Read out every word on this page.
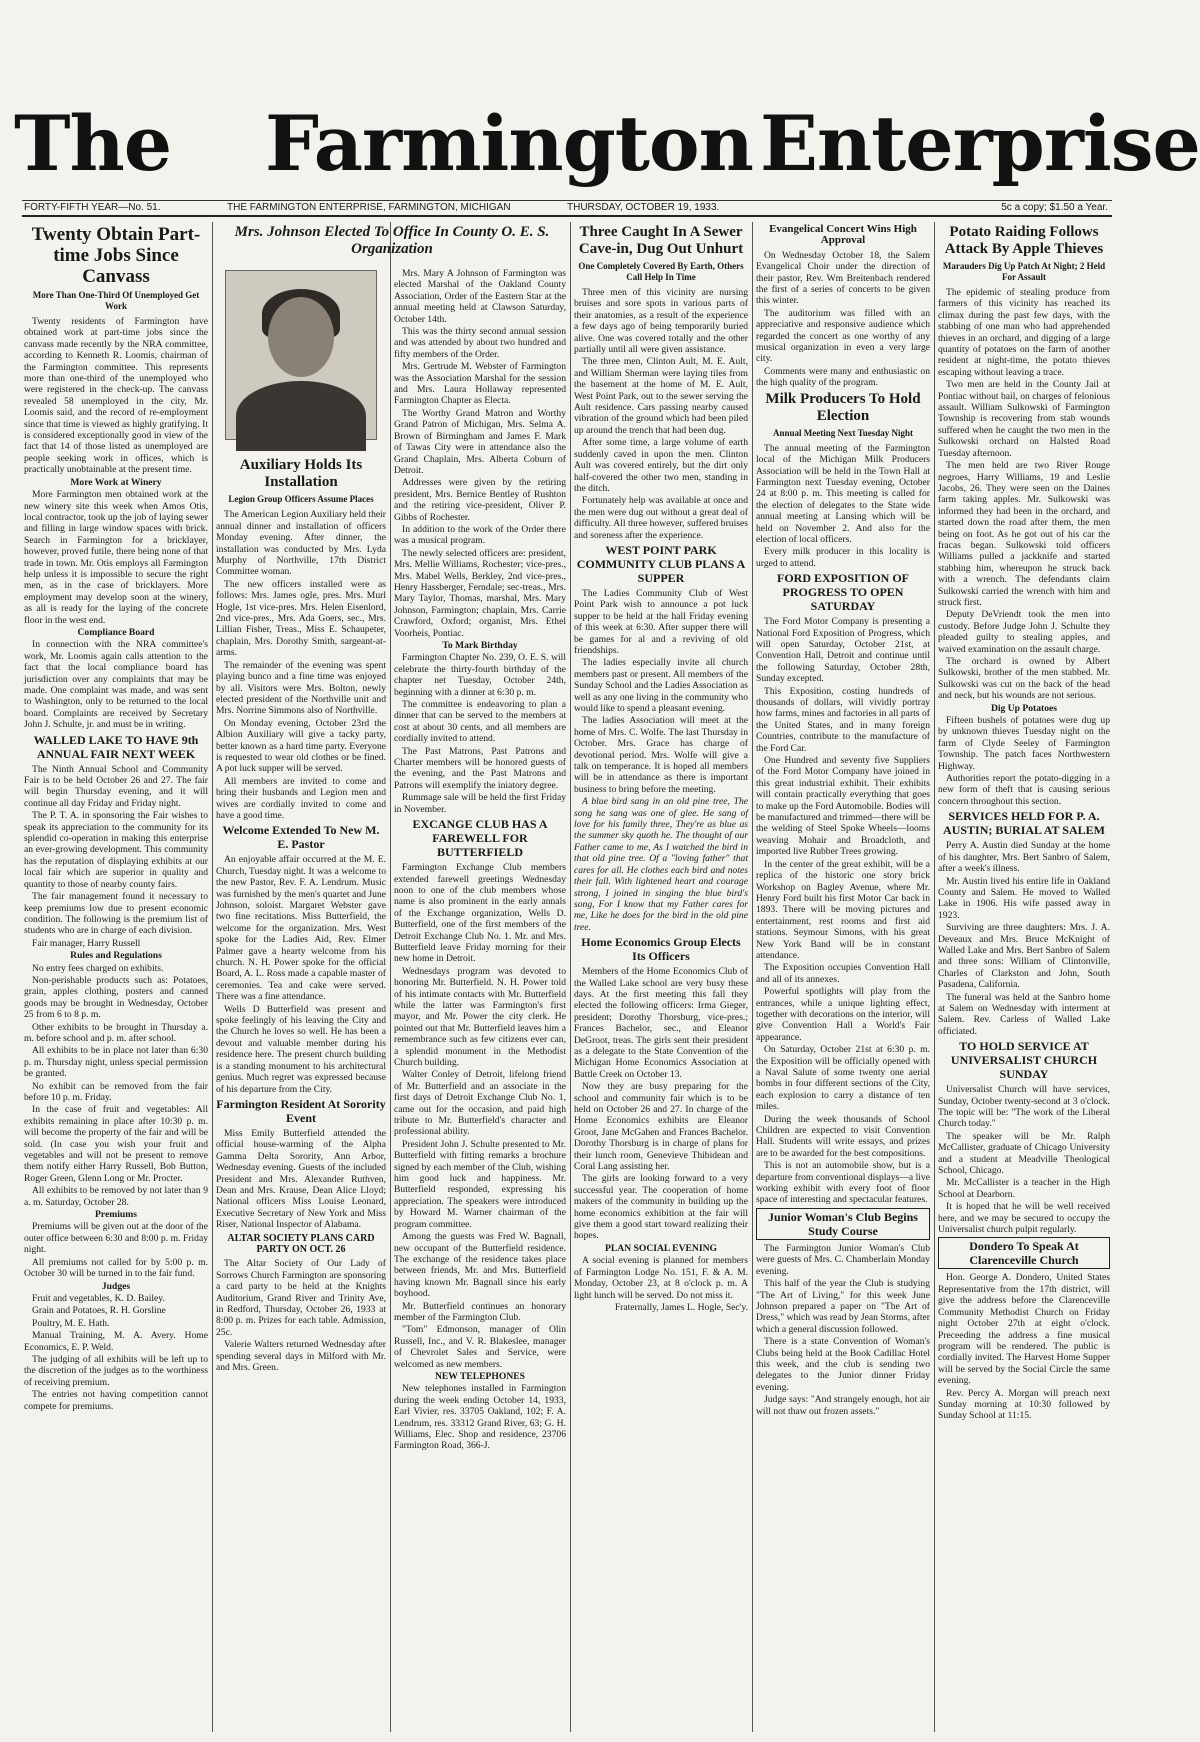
The Farmington Enterprise
FORTY-FIFTH YEAR—No. 51.	THE FARMINGTON ENTERPRISE, FARMINGTON, MICHIGAN	THURSDAY, OCTOBER 19, 1933.	5c a copy; $1.50 a Year.
Twenty Obtain Part-time Jobs Since Canvass
More Than One-Third Of Unemployed Get Work

Twenty residents of Farmington have obtained work at part-time jobs since the canvass made recently by the NRA committee, according to Kenneth R. Loomis, chairman of the Farmington committee. This represents more than one-third of the unemployed who were registered in the check-up. The canvass revealed 58 unemployed in the city, Mr. Loomis said, and the record of re-employment since that time is viewed as highly gratifying. It is considered exceptionally good in view of the fact that 14 of those listed as unemployed are people seeking work in offices, which is practically unobtainable at the present time.

More Work at Winery

More Farmington men obtained work at the new winery site this week when Amos Otis, local contractor, took up the job of laying sewer and filling in large window spaces with brick. Search in Farmington for a bricklayer, however, proved futile, there being none of that trade in town. Mr. Otis employs all Farmington help unless it is impossible to secure the right men, as in the case of bricklayers. More employment may develop soon at the winery, as all is ready for the laying of the concrete floor in the west end.

Compliance Board

In connection with the NRA committee's work, Mr. Loomis again calls attention to the fact that the local compliance board has jurisdiction over any complaints that may be made. One complaint was made, and was sent to Washington, only to be returned to the local board. Complaints are received by Secretary John J. Schulte, jr. and must be in writing.

WALLED LAKE TO HAVE 9th ANNUAL FAIR NEXT WEEK

The Ninth Annual School and Community Fair is to be held October 26 and 27. The fair will begin Thursday evening, and it will continue all day Friday and Friday night.

The P. T. A. in sponsoring the Fair wishes to speak its appreciation to the community for its splendid co-operation in making this enterprise an ever-growing development. This community has the reputation of displaying exhibits at our local fair which are superior in quality and quantity to those of nearby county fairs.

The fair management found it necessary to keep premiums low due to present economic condition. The following is the premium list of students who are in charge of each division.

Fair manager, Harry Russell

Rules and Regulations

No entry fees charged on exhibits.

Non-perishable products such as: Potatoes, grain, apples clothing, posters and canned goods may be brought in Wednesday, October 25 from 6 to 8 p. m.

Other exhibits to be brought in Thursday a. m. before school and p. m. after school.

All exhibits to be in place not later than 6:30 p. m. Thursday night, unless special permission be granted.

No exhibit can be removed from the fair before 10 p. m. Friday.

In the case of fruit and vegetables: All exhibits remaining in place after 10:30 p. m. will become the property of the fair and will be sold. (In case you wish your fruit and vegetables and will not be present to remove them notify either Harry Russell, Bob Button, Roger Green, Glenn Long or Mr. Procter.

All exhibits to be removed by not later than 9 a. m. Saturday, October 28.

Premiums

Premiums will be given out at the door of the outer office between 6:30 and 8:00 p. m. Friday night.

All premiums not called for by 5:00 p. m. October 30 will be turned in to the fair fund.

Judges

Fruit and vegetables, K. D. Bailey.

Grain and Potatoes, R. H. Gorsline

Poultry, M. E. Hath.

Manual Training, M. A. Avery. Home Economics, E. P. Weld.

The judging of all exhibits will be left up to the discretion of the judges as to the worthiness of receiving premium.

The entries not having competition cannot compete for premiums.

Mrs. Johnson Elected To Office In County O. E. S. Organization
Auxiliary Holds Its Installation
Legion Group Officers Assume Places

The American Legion Auxiliary held their annual dinner and installation of officers Monday evening. After dinner, the installation was conducted by Mrs. Lyda Murphy of Northville, 17th District Committee woman.

The new officers installed were as follows: Mrs. James ogle, pres. Mrs. Murl Hogle, 1st vice-pres. Mrs. Helen Eisenlord, 2nd vice-pres., Mrs. Ada Goers, sec., Mrs. Lillian Fisher, Treas., Miss E. Schaupeter, chaplain, Mrs. Dorothy Smith, sargeant-at-arms.

The remainder of the evening was spent playing bunco and a fine time was enjoyed by all. Visitors were Mrs. Bolton, newly elected president of the Northville unit and Mrs. Norrine Simmons also of Northville.

On Monday evening, October 23rd the Albion Auxiliary will give a tacky party, better known as a hard time party. Everyone is requested to wear old clothes or be fined. A pot luck supper will be served.

All members are invited to come and bring their husbands and Legion men and wives are cordially invited to come and have a good time.

Welcome Extended To New M. E. Pastor

An enjoyable affair occurred at the M. E. Church, Tuesday night. It was a welcome to the new Pastor, Rev. F. A. Lendrum. Music was furnished by the men's quartet and June Johnson, soloist. Margaret Webster gave two fine recitations. Miss Butterfield, the welcome for the organization. Mrs. West spoke for the Ladies Aid, Rev. Elmer Palmer gave a hearty welcome from his church. N. H. Power spoke for the official Board, A. L. Ross made a capable master of ceremonies. Tea and cake were served. There was a fine attendance.

Wells D Butterfield was present and spoke feelingly of his leaving the City and the Church he loves so well. He has been a devout and valuable member during his residence here. The present church building is a standing monument to his architectural genius. Much regret was expressed because of his departure from the City.

Farmington Resident At Sorority Event

Miss Emily Butterfield attended the official house-warming of the Alpha Gamma Delta Sorority, Ann Arbor, Wednesday evening. Guests of the included President and Mrs. Alexander Ruthven, Dean and Mrs. Krause, Dean Alice Lloyd; National officers Miss Louise Leonard, Executive Secretary of New York and Miss Riser, National Inspector of Alabama.

ALTAR SOCIETY PLANS CARD PARTY ON OCT. 26

The Altar Society of Our Lady of Sorrows Church Farmington are sponsoring a card party to be held at the Knights Auditorium, Grand River and Trinity Ave, in Redford, Thursday, October 26, 1933 at 8:00 p. m. Prizes for each table. Admission, 25c.

Valerie Walters returned Wednesday after spending several days in Milford with Mr. and Mrs. Green.

Mrs. Mary A Johnson of Farmington was elected Marshal of the Oakland County Association, Order of the Eastern Star at the annual meeting held at Clawson Saturday, October 14th.

This was the thirty second annual session and was attended by about two hundred and fifty members of the Order.

Mrs. Gertrude M. Webster of Farmington was the Association Marshal for the session and Mrs. Laura Hollaway represented Farmington Chapter as Electa.

The Worthy Grand Matron and Worthy Grand Patron of Michigan, Mrs. Selma A. Brown of Birmingham and James F. Mark of Tawas City were in attendance also the Grand Chaplain, Mrs. Alberta Coburn of Detroit.

Addresses were given by the retiring president, Mrs. Bernice Bentley of Rushton and the retiring vice-president, Oliver P. Gibbs of Rochester.

In addition to the work of the Order there was a musical program.

The newly selected officers are: president, Mrs. Mellie Williams, Rochester; vice-pres., Mrs. Mabel Wells, Berkley, 2nd vice-pres., Henry Hassberger, Ferndale; sec-treas., Mrs. Mary Taylor, Thomas, marshal, Mrs. Mary Johnson, Farmington; chaplain, Mrs. Carrie Crawford, Oxford; organist, Mrs. Ethel Voorheis, Pontiac.

To Mark Birthday

Farmington Chapter No. 239, O. E. S. will celebrate the thirty-fourth birthday of the chapter net Tuesday, October 24th, beginning with a dinner at 6:30 p. m.

The committee is endeavoring to plan a dinner that can be served to the members at cost at about 30 cents, and all members are cordially invited to attend.

The Past Matrons, Past Patrons and Charter members will be honored guests of the evening, and the Past Matrons and Patrons will exemplify the iniatory degree.

Rummage sale will be held the first Friday in November.

EXCANGE CLUB HAS A FAREWELL FOR BUTTERFIELD

Farmington Exchange Club members extended farewell greetings Wednesday noon to one of the club members whose name is also prominent in the early annals of the Exchange organization, Wells D. Butterfield, one of the first members of the Detroit Exchange Club No. 1. Mr. and Mrs. Butterfield leave Friday morning for their new home in Detroit.

Wednesdays program was devoted to honoring Mr. Butterfield. N. H. Power told of his intimate contacts with Mr. Butterfield while the latter was Farmington's first mayor, and Mr. Power the city clerk. He pointed out that Mr. Butterfield leaves him a remembrance such as few citizens ever can, a splendid monument in the Methodist Church building.

Walter Conley of Detroit, lifelong friend of Mr. Butterfield and an associate in the first days of Detroit Exchange Club No. 1, came out for the occasion, and paid high tribute to Mr. Butterfield's character and professional ability.

President John J. Schulte presented to Mr. Butterfield with fitting remarks a brochure signed by each member of the Club, wishing him good luck and happiness. Mr. Butterfield responded, expressing his appreciation. The speakers were introduced by Howard M. Warner chairman of the program committee.

Among the guests was Fred W. Bagnall, new occupant of the Butterfield residence. The exchange of the residence takes place between friends, Mr. and Mrs. Butterfield having known Mr. Bagnall since his early boyhood.

Mr. Butterfield continues an honorary member of the Farmington Club.

"Tom" Edmonson, manager of Olin Russell, Inc., and V. R. Blakeslee, manager of Chevrolet Sales and Service, were welcomed as new members.

NEW TELEPHONES

New telephones installed in Farmington during the week ending October 14, 1933, Earl Vivier, res. 33705 Oakland, 102; F. A. Lendrum, res. 33312 Grand River, 63; G. H. Williams, Elec. Shop and residence, 23706 Farmington Road, 366-J.

Three Caught In A Sewer Cave-in, Dug Out Unhurt
One Completely Covered By Earth, Others Call Help In Time

Three men of this vicinity are nursing bruises and sore spots in various parts of their anatomies, as a result of the experience a few days ago of being temporarily buried alive. One was covered totally and the other partially until all were given assistance.

The three men, Clinton Ault, M. E. Ault, and William Sherman were laying tiles from the basement at the home of M. E. Ault, West Point Park, out to the sewer serving the Ault residence. Cars passing nearby caused vibration of the ground which had been piled up around the trench that had been dug.

After some time, a large volume of earth suddenly caved in upon the men. Clinton Ault was covered entirely, but the dirt only half-covered the other two men, standing in the ditch.

Fortunately help was available at once and the men were dug out without a great deal of difficulty. All three however, suffered bruises and soreness after the experience.

WEST POINT PARK COMMUNITY CLUB PLANS A SUPPER

The Ladies Community Club of West Point Park wish to announce a pot luck supper to be held at the hall Friday evening of this week at 6:30. After supper there will be games for al and a reviving of old friendships.

The ladies especially invite all church members past or present. All members of the Sunday School and the Ladies Association as well as any one living in the community who would like to spend a pleasant evening.

The ladies Association will meet at the home of Mrs. C. Wolfe. The last Thursday in October. Mrs. Grace has charge of devotional period. Mrs. Wolfe will give a talk on temperance. It is hoped all members will be in attendance as there is important business to bring before the meeting.

A blue bird sang in an old pine tree, The song he sang was one of glee. He sang of love for his family three, They're as blue as the summer sky quoth he. The thought of our Father came to me, As I watched the bird in that old pine tree. Of a "loving father" that cares for all. He clothes each bird and notes their fall. With lightened heart and courage strong, I joined in singing the blue bird's song, For I know that my Father cares for me, Like he does for the bird in the old pine tree.

Home Economics Group Elects Its Officers

Members of the Home Economics Club of the Walled Lake school are very busy these days. At the first meeting this fall they elected the following officers: Irma Gieger, president; Dorothy Thorsburg, vice-pres.; Frances Bachelor, sec., and Eleanor DeGroot, treas. The girls sent their president as a delegate to the State Convention of the Michigan Home Economics Association at Battle Creek on October 13.

Now they are busy preparing for the school and community fair which is to be held on October 26 and 27. In charge of the Home Economics exhibits are Eleanor Groot, Jane McGahen and Frances Bachelor. Dorothy Thorsburg is in charge of plans for their lunch room, Genevieve Thibidean and Coral Lang assisting her.

The girls are looking forward to a very successful year. The cooperation of home makers of the community in building up the home economics exhibition at the fair will give them a good start toward realizing their hopes.

PLAN SOCIAL EVENING

A social evening is planned for members of Farmington Lodge No. 151, F. & A. M. Monday, October 23, at 8 o'clock p. m. A light lunch will be served. Do not miss it.

Fraternally, James L. Hogle, Sec'y.

Evangelical Concert Wins High Approval

On Wednesday October 18, the Salem Evangelical Choir under the direction of their pastor, Rev. Wm Breitenbach rendered the first of a series of concerts to be given this winter.

The auditorium was filled with an appreciative and responsive audience which regarded the concert as one worthy of any musical organization in even a very large city.

Comments were many and enthusiastic on the high quality of the program.

Milk Producers To Hold Election
Annual Meeting Next Tuesday Night

The annual meeting of the Farmington local of the Michigan Milk Producers Association will be held in the Town Hall at Farmington next Tuesday evening, October 24 at 8:00 p. m. This meeting is called for the election of delegates to the State wide annual meeting at Lansing which will be held on November 2. And also for the election of local officers.

Every milk producer in this locality is urged to attend.

FORD EXPOSITION OF PROGRESS TO OPEN SATURDAY

The Ford Motor Company is presenting a National Ford Exposition of Progress, which will open Saturday, October 21st, at Convention Hall, Detroit and continue until the following Saturday, October 28th, Sunday excepted.

This Exposition, costing hundreds of thousands of dollars, will vividly portray how farms, mines and factories in all parts of the United States, and in many foreign Countries, contribute to the manufacture of the Ford Car.

One Hundred and seventy five Suppliers of the Ford Motor Company have joined in this great industrial exhibit. Their exhibits will contain practically everything that goes to make up the Ford Automobile. Bodies will be manufactured and trimmed—there will be the welding of Steel Spoke Wheels—looms weaving Mohair and Broadcloth, and imported live Rubber Trees growing.

In the center of the great exhibit, will be a replica of the historic one story brick Workshop on Bagley Avenue, where Mr. Henry Ford built his first Motor Car back in 1893. There will be moving pictures and entertainment, rest rooms and first aid stations. Seymour Simons, with his great New York Band will be in constant attendance.

The Exposition occupies Convention Hall and all of its annexes.

Powerful spotlights will play from the entrances, while a unique lighting effect, together with decorations on the interior, will give Convention Hall a World's Fair appearance.

On Saturday, October 21st at 6:30 p. m. the Exposition will be officially opened with a Naval Salute of some twenty one aerial bombs in four different sections of the City, each explosion to carry a distance of ten miles.

During the week thousands of School Children are expected to visit Convention Hall. Students will write essays, and prizes are to be awarded for the best compositions.

This is not an automobile show, but is a departure from conventional displays—a live working exhibit with every foot of floor space of interesting and spectacular features.

Junior Woman's Club Begins Study Course

The Farmington Junior Woman's Club were guests of Mrs. C. Chamberlain Monday evening.

This half of the year the Club is studying "The Art of Living," for this week June Johnson prepared a paper on "The Art of Dress," which was read by Jean Storms, after which a general discussion followed.

There is a state Convention of Woman's Clubs being held at the Book Cadillac Hotel this week, and the club is sending two delegates to the Junior dinner Friday evening.

Judge says: "And strangely enough, hot air will not thaw out frozen assets."

Potato Raiding Follows Attack By Apple Thieves
Marauders Dig Up Patch At Night; 2 Held For Assault

The epidemic of stealing produce from farmers of this vicinity has reached its climax during the past few days, with the stabbing of one man who had apprehended thieves in an orchard, and digging of a large quantity of potatoes on the farm of another resident at night-time, the potato thieves escaping without leaving a trace.

Two men are held in the County Jail at Pontiac without bail, on charges of felonious assault. William Sulkowski of Farmington Township is recovering from stab wounds suffered when he caught the two men in the Sulkowski orchard on Halsted Road Tuesday afternoon.

The men held are two River Rouge negroes, Harry Williams, 19 and Leslie Jacobs, 26. They were seen on the Daines farm taking apples. Mr. Sulkowski was informed they had been in the orchard, and started down the road after them, the men being on foot. As he got out of his car the fracas began. Sulkowski told officers Williams pulled a jackknife and started stabbing him, whereupon he struck back with a wrench. The defendants claim Sulkowski carried the wrench with him and struck first.

Deputy DeVriendt took the men into custody. Before Judge John J. Schulte they pleaded guilty to stealing apples, and waived examination on the assault charge.

The orchard is owned by Albert Sulkowski, brother of the men stabbed. Mr. Sulkowski was cut on the back of the head and neck, but his wounds are not serious.

Dig Up Potatoes

Fifteen bushels of potatoes were dug up by unknown thieves Tuesday night on the farm of Clyde Seeley of Farmington Township. The patch faces Northwestern Highway.

Authorities report the potato-digging in a new form of theft that is causing serious concern throughout this section.

SERVICES HELD FOR P. A. AUSTIN; BURIAL AT SALEM

Perry A. Austin died Sunday at the home of his daughter, Mrs. Bert Sanbro of Salem, after a week's illness.

Mr. Austin lived his entire life in Oakland County and Salem. He moved to Walled Lake in 1906. His wife passed away in 1923.

Surviving are three daughters: Mrs. J. A. Deveaux and Mrs. Bruce McKnight of Walled Lake and Mrs. Bert Sanbro of Salem and three sons: William of Clintonville, Charles of Clarkston and John, South Pasadena, California.

The funeral was held at the Sanbro home at Salem on Wednesday with interment at Salem. Rev. Carless of Walled Lake officiated.

TO HOLD SERVICE AT UNIVERSALIST CHURCH SUNDAY

Universalist Church will have services, Sunday, October twenty-second at 3 o'clock. The topic will be: "The work of the Liberal Church today."

The speaker will be Mr. Ralph McCallister, graduate of Chicago University and a student at Meadville Theological School, Chicago.

Mr. McCallister is a teacher in the High School at Dearborn.

It is hoped that he will be well received here, and we may be secured to occupy the Universalist church pulpit regularly.

Dondero To Speak At Clarenceville Church

Hon. George A. Dondero, United States Representative from the 17th district, will give the address before the Clarenceville Community Methodist Church on Friday night October 27th at eight o'clock. Preceeding the address a fine musical program will be rendered. The public is cordially invited. The Harvest Home Supper will be served by the Social Circle the same evening.

Rev. Percy A. Morgan will preach next Sunday morning at 10:30 followed by Sunday School at 11:15.
